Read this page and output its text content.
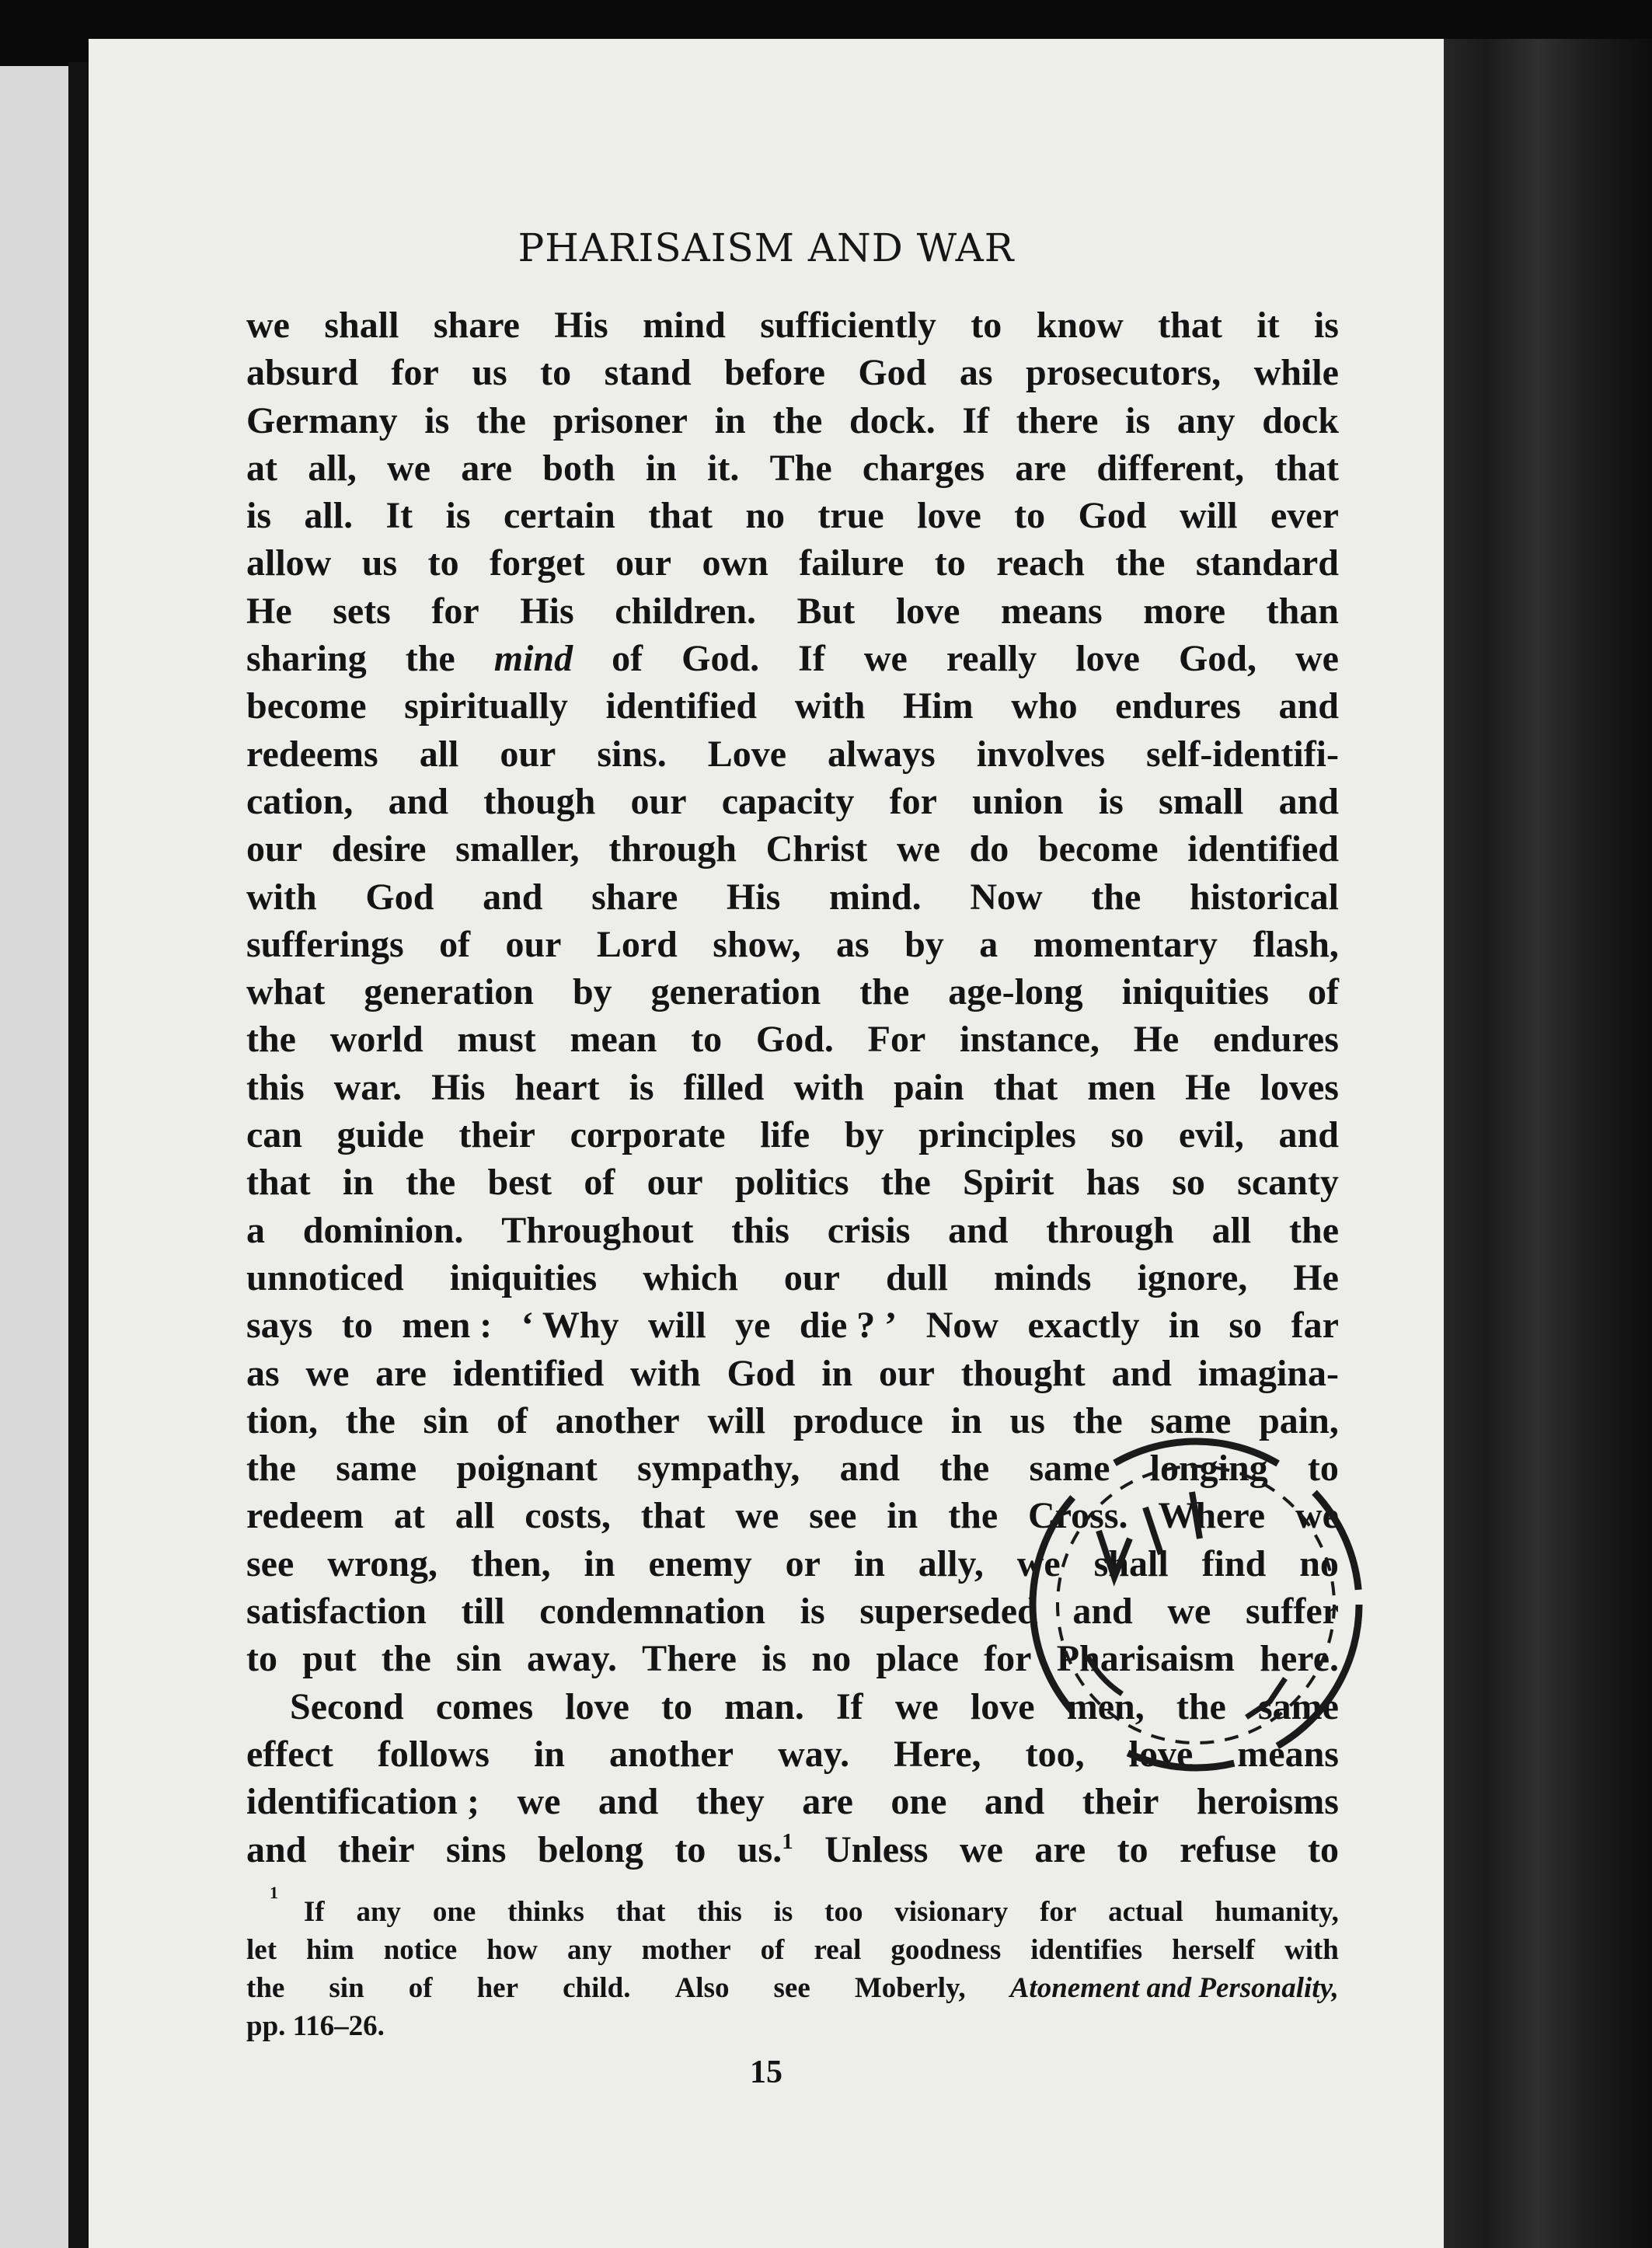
PHARISAISM AND WAR
we shall share His mind sufficiently to know that it is
absurd for us to stand before God as prosecutors, while
Germany is the prisoner in the dock. If there is any dock
at all, we are both in it. The charges are different, that
is all. It is certain that no true love to God will ever
allow us to forget our own failure to reach the standard
He sets for His children. But love means more than
sharing the mind of God. If we really love God, we
become spiritually identified with Him who endures and
redeems all our sins. Love always involves self-identifi-
cation, and though our capacity for union is small and
our desire smaller, through Christ we do become identified
with God and share His mind. Now the historical
sufferings of our Lord show, as by a momentary flash,
what generation by generation the age-long iniquities of
the world must mean to God. For instance, He endures
this war. His heart is filled with pain that men He loves
can guide their corporate life by principles so evil, and
that in the best of our politics the Spirit has so scanty
a dominion. Throughout this crisis and through all the
unnoticed iniquities which our dull minds ignore, He
says to men : ‘ Why will ye die ? ’ Now exactly in so far
as we are identified with God in our thought and imagina-
tion, the sin of another will produce in us the same pain,
the same poignant sympathy, and the same longing to
redeem at all costs, that we see in the Cross. Where we
see wrong, then, in enemy or in ally, we shall find no
satisfaction till condemnation is superseded and we suffer
to put the sin away. There is no place for Pharisaism here.
Second comes love to man. If we love men, the same
effect follows in another way. Here, too, love means
identification ; we and they are one and their heroisms
and their sins belong to us.$^1$ Unless we are to refuse to
1
If any one thinks that this is too visionary for actual humanity,
let him notice how any mother of real goodness identifies herself with
the sin of her child. Also see Moberly, Atonement and Personality,
pp. 116–26.
15
